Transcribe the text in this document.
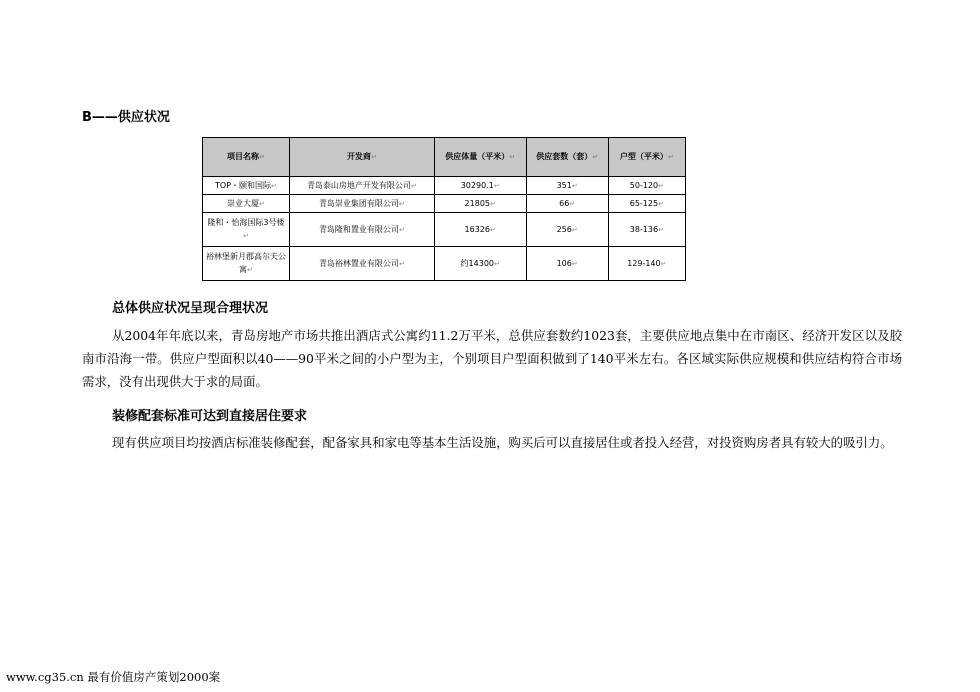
B——供应状况
项目名称↵	开发商↵	供应体量（平米）↵	供应套数（套）↵	户型（平米）↵
TOP・颐和国际↵	青岛泰山房地产开发有限公司↵	30290.1↵	351↵	50-120↵
崇业大厦↵	青岛崇业集团有限公司↵	21805↵	66↵	65-125↵
隆和・怡海国际3号楼↵	青岛隆和置业有限公司↵	16326↵	256↵	38-136↵
裕林堡新月郡高尔夫公寓↵	青岛裕林置业有限公司↵	约14300↵	106↵	129-140↵
总体供应状况呈现合理状况

从2004年年底以来，青岛房地产市场共推出酒店式公寓约11.2万平米，总供应套数约1023套，主要供应地点集中在市南区、经济开发区以及胶南市沿海一带。供应户型面积以40——90平米之间的小户型为主，个别项目户型面积做到了140平米左右。各区域实际供应规模和供应结构符合市场需求，没有出现供大于求的局面。

装修配套标准可达到直接居住要求

现有供应项目均按酒店标准装修配套，配备家具和家电等基本生活设施，购买后可以直接居住或者投入经营，对投资购房者具有较大的吸引力。

www.cg35.cn 最有价值房产策划2000案
